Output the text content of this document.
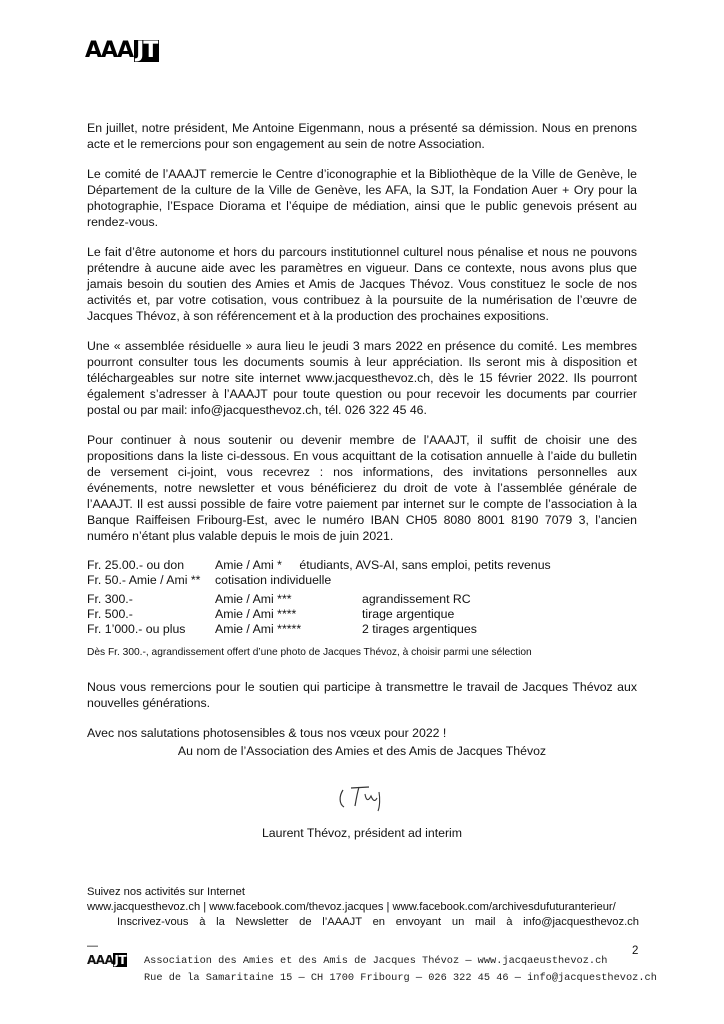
AAA JT

En juillet, notre président, Me Antoine Eigenmann, nous a présenté sa démission. Nous en prenons acte et le remercions pour son engagement au sein de notre Association.

Le comité de l’AAAJT remercie le Centre d’iconographie et la Bibliothèque de la Ville de Genève, le Département de la culture de la Ville de Genève, les AFA, la SJT, la Fondation Auer + Ory pour la photographie, l’Espace Diorama et l’équipe de médiation, ainsi que le public genevois présent au rendez-vous.

Le fait d’être autonome et hors du parcours institutionnel culturel nous pénalise et nous ne pouvons prétendre à aucune aide avec les paramètres en vigueur. Dans ce contexte, nous avons plus que jamais besoin du soutien des Amies et Amis de Jacques Thévoz. Vous constituez le socle de nos activités et, par votre cotisation, vous contribuez à la poursuite de la numérisation de l’œuvre de Jacques Thévoz, à son référencement et à la production des prochaines expositions.

Une « assemblée résiduelle » aura lieu le jeudi 3 mars 2022 en présence du comité. Les membres pourront consulter tous les documents soumis à leur appréciation. Ils seront mis à disposition et téléchargeables sur notre site internet www.jacquesthevoz.ch, dès le 15 février 2022. Ils pourront également s’adresser à l’AAAJT pour toute question ou pour recevoir les documents par courrier postal ou par mail: info@jacquesthevoz.ch, tél. 026 322 45 46.

Pour continuer à nous soutenir ou devenir membre de l’AAAJT, il suffit de choisir une des propositions dans la liste ci-dessous. En vous acquittant de la cotisation annuelle à l’aide du bulletin de versement ci-joint, vous recevrez : nos informations, des invitations personnelles aux événements, notre newsletter et vous bénéficierez du droit de vote à l’assemblée générale de l’AAAJT. Il est aussi possible de faire votre paiement par internet sur le compte de l’association à la Banque Raiffeisen Fribourg-Est, avec le numéro IBAN CH05 8080 8001 8190 7079 3, l’ancien numéro n’étant plus valable depuis le mois de juin 2021.

Fr. 25.00.- ou don	Amie / Ami * étudiants, AVS-AI, sans emploi, petits revenus	
Fr. 50.- Amie / Ami **	cotisation individuelle	

Fr. 300.-	Amie / Ami ***	agrandissement RC
Fr. 500.-	Amie / Ami ****	tirage argentique
Fr. 1’000.- ou plus	Amie / Ami *****	2 tirages argentiques
Dès Fr. 300.-, agrandissement offert d’une photo de Jacques Thévoz, à choisir parmi une sélection

Nous vous remercions pour le soutien qui participe à transmettre le travail de Jacques Thévoz aux nouvelles générations.

Avec nos salutations photosensibles & tous nos vœux pour 2022 !

Au nom de l’Association des Amies et des Amis de Jacques Thévoz
Laurent Thévoz, président ad interim
Suivez nos activités sur Internet
www.jacquesthevoz.ch | www.facebook.com/thevoz.jacques | www.facebook.com/archivesdufuturanterieur/
Inscrivez-vous à la Newsletter de l’AAAJT en envoyant un mail à info@jacquesthevoz.ch
—	2
AAAJT Association des Amies et des Amis de Jacques Thévoz — www.jacqaeusthevoz.ch
Rue de la Samaritaine 15 — CH 1700 Fribourg — 026 322 45 46 — info@jacquesthevoz.ch
